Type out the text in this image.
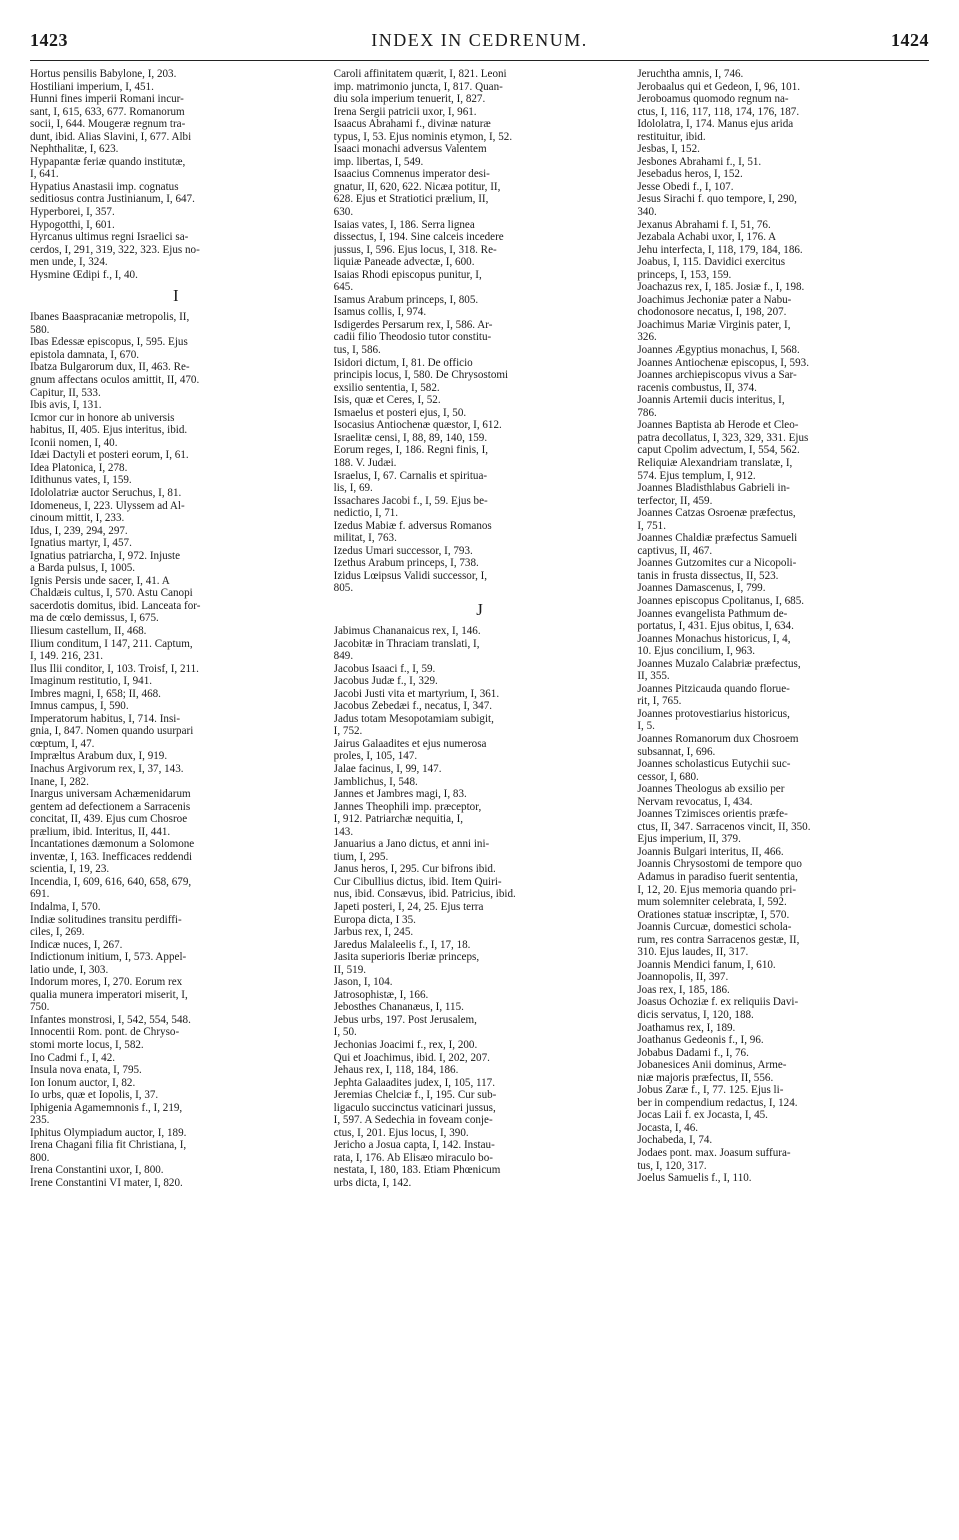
1423	INDEX IN CEDRENUM.	1424
Hortus pensilis Babylone, I, 203.
Hostiliani imperium, I, 451.
Hunni fines imperii Romani incur-
sant, I, 615, 633, 677. Romanorum
socii, I, 644. Mougeræ regnum tra-
dunt, ibid. Alias Slavini, I, 677. Albi
Nephthalitæ, I, 623.
Hypapantæ feriæ quando institutæ,
I, 641.
Hypatius Anastasii imp. cognatus
seditiosus contra Justinianum, I, 647.
Hyperborei, I, 357.
Hypogotthi, I, 601.
Hyrcanus ultimus regni Israelici sa-
cerdos, I, 291, 319, 322, 323. Ejus no-
men unde, I, 324.
Hysmine Œdipi f., I, 40.
I
Ibanes Baaspracaniæ metropolis, II,
580.
Ibas Edessæ episcopus, I, 595. Ejus
epistola damnata, I, 670.
Ibatza Bulgarorum dux, II, 463. Re-
gnum affectans oculos amittit, II, 470.
Capitur, II, 533.
Ibis avis, I, 131.
Icmor cur in honore ab universis
habitus, II, 405. Ejus interitus, ibid.
Iconii nomen, I, 40.
Idæi Dactyli et posteri eorum, I, 61.
Idea Platonica, I, 278.
Idithunus vates, I, 159.
Idololatriæ auctor Seruchus, I, 81.
Idomeneus, I, 223. Ulyssem ad Al-
cinoum mittit, I, 233.
Idus, I, 239, 294, 297.
Ignatius martyr, I, 457.
Ignatius patriarcha, I, 972. Injuste
a Barda pulsus, I, 1005.
Ignis Persis unde sacer, I, 41. A
Chaldæis cultus, I, 570. Astu Canopi
sacerdotis domitus, ibid. Lanceata for-
ma de cœlo demissus, I, 675.
Iliesum castellum, II, 468.
Ilium conditum, I 147, 211. Captum,
I, 149. 216, 231.
Ilus Ilii conditor, I, 103. Troisf, I, 211.
Imaginum restitutio, I, 941.
Imbres magni, I, 658; II, 468.
Imnus campus, I, 590.
Imperatorum habitus, I, 714. Insi-
gnia, I, 847. Nomen quando usurpari
cœptum, I, 47.
Impræltus Arabum dux, I, 919.
Inachus Argivorum rex, I, 37, 143.
Inane, I, 282.
Inargus universam Achæmenidarum
gentem ad defectionem a Sarracenis
concitat, II, 439. Ejus cum Chosroe
prælium, ibid. Interitus, II, 441.
Incantationes dæmonum a Solomone
inventæ, I, 163. Inefficaces reddendi
scientia, I, 19, 23.
Incendia, I, 609, 616, 640, 658, 679,
691.
Indalma, I, 570.
Indiæ solitudines transitu perdiffi-
ciles, I, 269.
Indicæ nuces, I, 267.
Indictionum initium, I, 573. Appel-
latio unde, I, 303.
Indorum mores, I, 270. Eorum rex
qualia munera imperatori miserit, I,
750.
Infantes monstrosi, I, 542, 554, 548.
Innocentii Rom. pont. de Chryso-
stomi morte locus, I, 582.
Ino Cadmi f., I, 42.
Insula nova enata, I, 795.
Ion Ionum auctor, I, 82.
Io urbs, quæ et Iopolis, I, 37.
Iphigenia Agamemnonis f., I, 219,
235.
Iphitus Olympiadum auctor, I, 189.
Irena Chagani filia fit Christiana, I,
800.
Irena Constantini uxor, I, 800.
Irene Constantini VI mater, I, 820.
Caroli affinitatem quærit, I, 821. Leoni
imp. matrimonio juncta, I, 817. Quan-
diu sola imperium tenuerit, I, 827.
Irena Sergii patricii uxor, I, 961.
Isaacus Abrahami f., divinæ naturæ
typus, I, 53. Ejus nominis etymon, I, 52.
Isaaci monachi adversus Valentem
imp. libertas, I, 549.
Isaacius Comnenus imperator desi-
gnatur, II, 620, 622. Nicæa potitur, II,
628. Ejus et Stratiotici prælium, II,
630.
Isaias vates, I, 186. Serra lignea
dissectus, I, 194. Sine calceis incedere
jussus, I, 596. Ejus locus, I, 318. Re-
liquiæ Paneade advectæ, I, 600.
Isaias Rhodi episcopus punitur, I,
645.
Isamus Arabum princeps, I, 805.
Isamus collis, I, 974.
Isdigerdes Persarum rex, I, 586. Ar-
cadii filio Theodosio tutor constitu-
tus, I, 586.
Isidori dictum, I, 81. De officio
principis locus, I, 580. De Chrysostomi
exsilio sententia, I, 582.
Isis, quæ et Ceres, I, 52.
Ismaelus et posteri ejus, I, 50.
Isocasius Antiochenæ quæstor, I, 612.
Israelitæ censi, I, 88, 89, 140, 159.
Eorum reges, I, 186. Regni finis, I,
188. V. Judæi.
Israelus, I, 67. Carnalis et spiritua-
lis, I, 69.
Issachares Jacobi f., I, 59. Ejus be-
nedictio, I, 71.
Izedus Mabiæ f. adversus Romanos
militat, I, 763.
Izedus Umari successor, I, 793.
Izethus Arabum princeps, I, 738.
Izidus Lœipsus Validi successor, I,
805.
J
Jabimus Chananaicus rex, I, 146.
Jacobitæ in Thraciam translati, I,
849.
Jacobus Isaaci f., I, 59.
Jacobus Judæ f., I, 329.
Jacobi Justi vita et martyrium, I, 361.
Jacobus Zebedæi f., necatus, I, 347.
Jadus totam Mesopotamiam subigit,
I, 752.
Jairus Galaadites et ejus numerosa
proles, I, 105, 147.
Jalae facinus, I, 99, 147.
Jamblichus, I, 548.
Jannes et Jambres magi, I, 83.
Jannes Theophili imp. præceptor,
I, 912. Patriarchæ nequitia, I,
143.
Januarius a Jano dictus, et anni ini-
tium, I, 295.
Janus heros, I, 295. Cur bifrons ibid.
Cur Cibullius dictus, ibid. Item Quiri-
nus, ibid. Consævus, ibid. Patricius, ibid.
Japeti posteri, I, 24, 25. Ejus terra
Europa dicta, I 35.
Jarbus rex, I, 245.
Jaredus Malaleelis f., I, 17, 18.
Jasita superioris Iberiæ princeps,
II, 519.
Jason, I, 104.
Jatrosophistæ, I, 166.
Jebosthes Chananæus, I, 115.
Jebus urbs, 197. Post Jerusalem,
I, 50.
Jechonias Joacimi f., rex, I, 200.
Qui et Joachimus, ibid. I, 202, 207.
Jehaus rex, I, 118, 184, 186.
Jephta Galaadites judex, I, 105, 117.
Jeremias Chelciæ f., I, 195. Cur sub-
ligaculo succinctus vaticinari jussus,
I, 597. A Sedechia in foveam conje-
ctus, I, 201. Ejus locus, I, 390.
Jericho a Josua capta, I, 142. Instau-
rata, I, 176. Ab Elisæo miraculo bo-
nestata, I, 180, 183. Etiam Phœnicum
urbs dicta, I, 142.
Jeruchtha amnis, I, 746.
Jerobaalus qui et Gedeon, I, 96, 101.
Jeroboamus quomodo regnum na-
ctus, I, 116, 117, 118, 174, 176, 187.
Idololatra, I, 174. Manus ejus arida
restituitur, ibid.
Jesbas, I, 152.
Jesbones Abrahami f., I, 51.
Jesebadus heros, I, 152.
Jesse Obedi f., I, 107.
Jesus Sirachi f. quo tempore, I, 290,
340.
Jexanus Abrahami f. I, 51, 76.
Jezabala Achabi uxor, I, 176. A
Jehu interfecta, I, 118, 179, 184, 186.
Joabus, I, 115. Davidici exercitus
princeps, I, 153, 159.
Joachazus rex, I, 185. Josiæ f., I, 198.
Joachimus Jechoniæ pater a Nabu-
chodonosore necatus, I, 198, 207.
Joachimus Mariæ Virginis pater, I,
326.
Joannes Ægyptius monachus, I, 568.
Joannes Antiochenæ episcopus, I, 593.
Joannes archiepiscopus vivus a Sar-
racenis combustus, II, 374.
Joannis Artemii ducis interitus, I,
786.
Joannes Baptista ab Herode et Cleo-
patra decollatus, I, 323, 329, 331. Ejus
caput Cpolim advectum, I, 554, 562.
Reliquiæ Alexandriam translatæ, I,
574. Ejus templum, I, 912.
Joannes Bladisthlabus Gabrieli in-
terfector, II, 459.
Joannes Catzas Osroenæ præfectus,
I, 751.
Joannes Chaldiæ præfectus Samueli
captivus, II, 467.
Joannes Gutzomites cur a Nicopoli-
tanis in frusta dissectus, II, 523.
Joannes Damascenus, I, 799.
Joannes episcopus Cpolitanus, I, 685.
Joannes evangelista Pathmum de-
portatus, I, 431. Ejus obitus, I, 634.
Joannes Monachus historicus, I, 4,
10. Ejus concilium, I, 963.
Joannes Muzalo Calabriæ præfectus,
II, 355.
Joannes Pitzicauda quando floruе-
rit, I, 765.
Joannes protovestiarius historicus,
I, 5.
Joannes Romanorum dux Chosroem
subsannat, I, 696.
Joannes scholasticus Eutychii suc-
cessor, I, 680.
Joannes Theologus ab exsilio per
Nervam revocatus, I, 434.
Joannes Tzimisces orientis præfe-
ctus, II, 347. Sarracenos vincit, II, 350.
Ejus imperium, II, 379.
Joannis Bulgari interitus, II, 466.
Joannis Chrysostomi de tempore quo
Adamus in paradiso fuerit sententia,
I, 12, 20. Ejus memoria quando pri-
mum solemniter celebrata, I, 592.
Orationes statuæ inscriptæ, I, 570.
Joannis Curcuæ, domestici schola-
rum, res contra Sarracenos gestæ, II,
310. Ejus laudes, II, 317.
Joannis Mendici fanum, I, 610.
Joannopolis, II, 397.
Joas rex, I, 185, 186.
Joasus Ochoziæ f. ex reliquiis Davi-
dicis servatus, I, 120, 188.
Joathamus rex, I, 189.
Joathanus Gedeonis f., I, 96.
Jobabus Dadami f., I, 76.
Jobanesices Anii dominus, Arme-
niæ majoris præfectus, II, 556.
Jobus Zaræ f., I, 77. 125. Ejus li-
ber in compendium redactus, I, 124.
Jocas Laii f. ex Jocasta, I, 45.
Jocasta, I, 46.
Jochabeda, I, 74.
Jodaes pont. max. Joasum suffura-
tus, I, 120, 317.
Joelus Samuelis f., I, 110.
